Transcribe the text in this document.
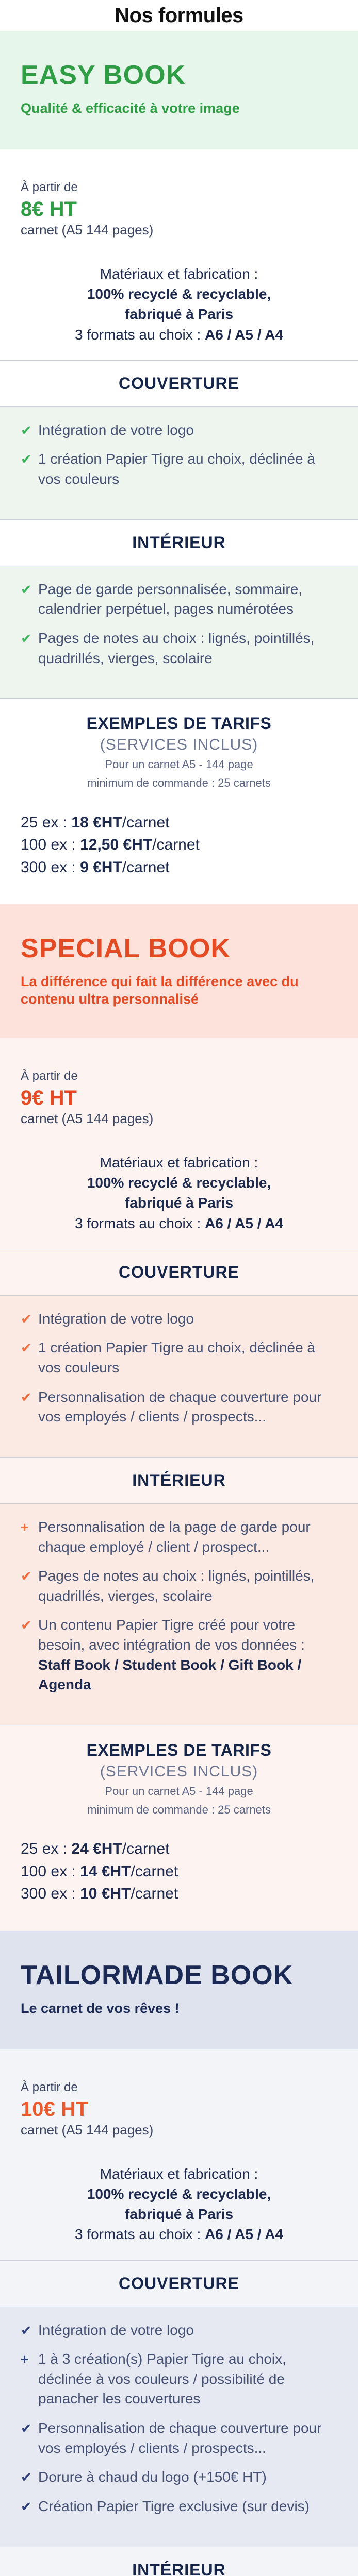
Nos formules
EASY BOOK
Qualité & efficacité à votre image
À partir de
8€ HT
carnet (A5 144 pages)
Matériaux et fabrication :
100% recyclé & recyclable,
fabriqué à Paris
3 formats au choix : A6 / A5 / A4
COUVERTURE
✔ Intégration de votre logo
✔ 1 création Papier Tigre au choix, déclinée à vos couleurs
INTÉRIEUR
✔ Page de garde personnalisée, sommaire, calendrier perpétuel, pages numérotées
✔ Pages de notes au choix : lignés, pointillés, quadrillés, vierges, scolaire
EXEMPLES DE TARIFS
(SERVICES INCLUS)
Pour un carnet A5 - 144 page
minimum de commande : 25 carnets
25 ex : 18 €HT/carnet
100 ex : 12,50 €HT/carnet
300 ex : 9 €HT/carnet
SPECIAL BOOK
La différence qui fait la différence avec du contenu ultra personnalisé
À partir de
9€ HT
carnet (A5 144 pages)
Matériaux et fabrication :
100% recyclé & recyclable,
fabriqué à Paris
3 formats au choix : A6 / A5 / A4
COUVERTURE
✔ Intégration de votre logo
✔ 1 création Papier Tigre au choix, déclinée à vos couleurs
✔ Personnalisation de chaque couverture pour vos employés / clients / prospects...
INTÉRIEUR
+ Personnalisation de la page de garde pour chaque employé / client / prospect...
✔ Pages de notes au choix : lignés, pointillés, quadrillés, vierges, scolaire
✔ Un contenu Papier Tigre créé pour votre besoin, avec intégration de vos données : Staff Book / Student Book / Gift Book / Agenda
EXEMPLES DE TARIFS
(SERVICES INCLUS)
Pour un carnet A5 - 144 page
minimum de commande : 25 carnets
25 ex : 24 €HT/carnet
100 ex : 14 €HT/carnet
300 ex : 10 €HT/carnet
TAILORMADE BOOK
Le carnet de vos rêves !
À partir de
10€ HT
carnet (A5 144 pages)
Matériaux et fabrication :
100% recyclé & recyclable,
fabriqué à Paris
3 formats au choix : A6 / A5 / A4
COUVERTURE
✔ Intégration de votre logo
+ 1 à 3 création(s) Papier Tigre au choix, déclinée à vos couleurs / possibilité de panacher les couvertures
✔ Personnalisation de chaque couverture pour vos employés / clients / prospects...
✔ Dorure à chaud du logo (+150€ HT)
✔ Création Papier Tigre exclusive (sur devis)
INTÉRIEUR
